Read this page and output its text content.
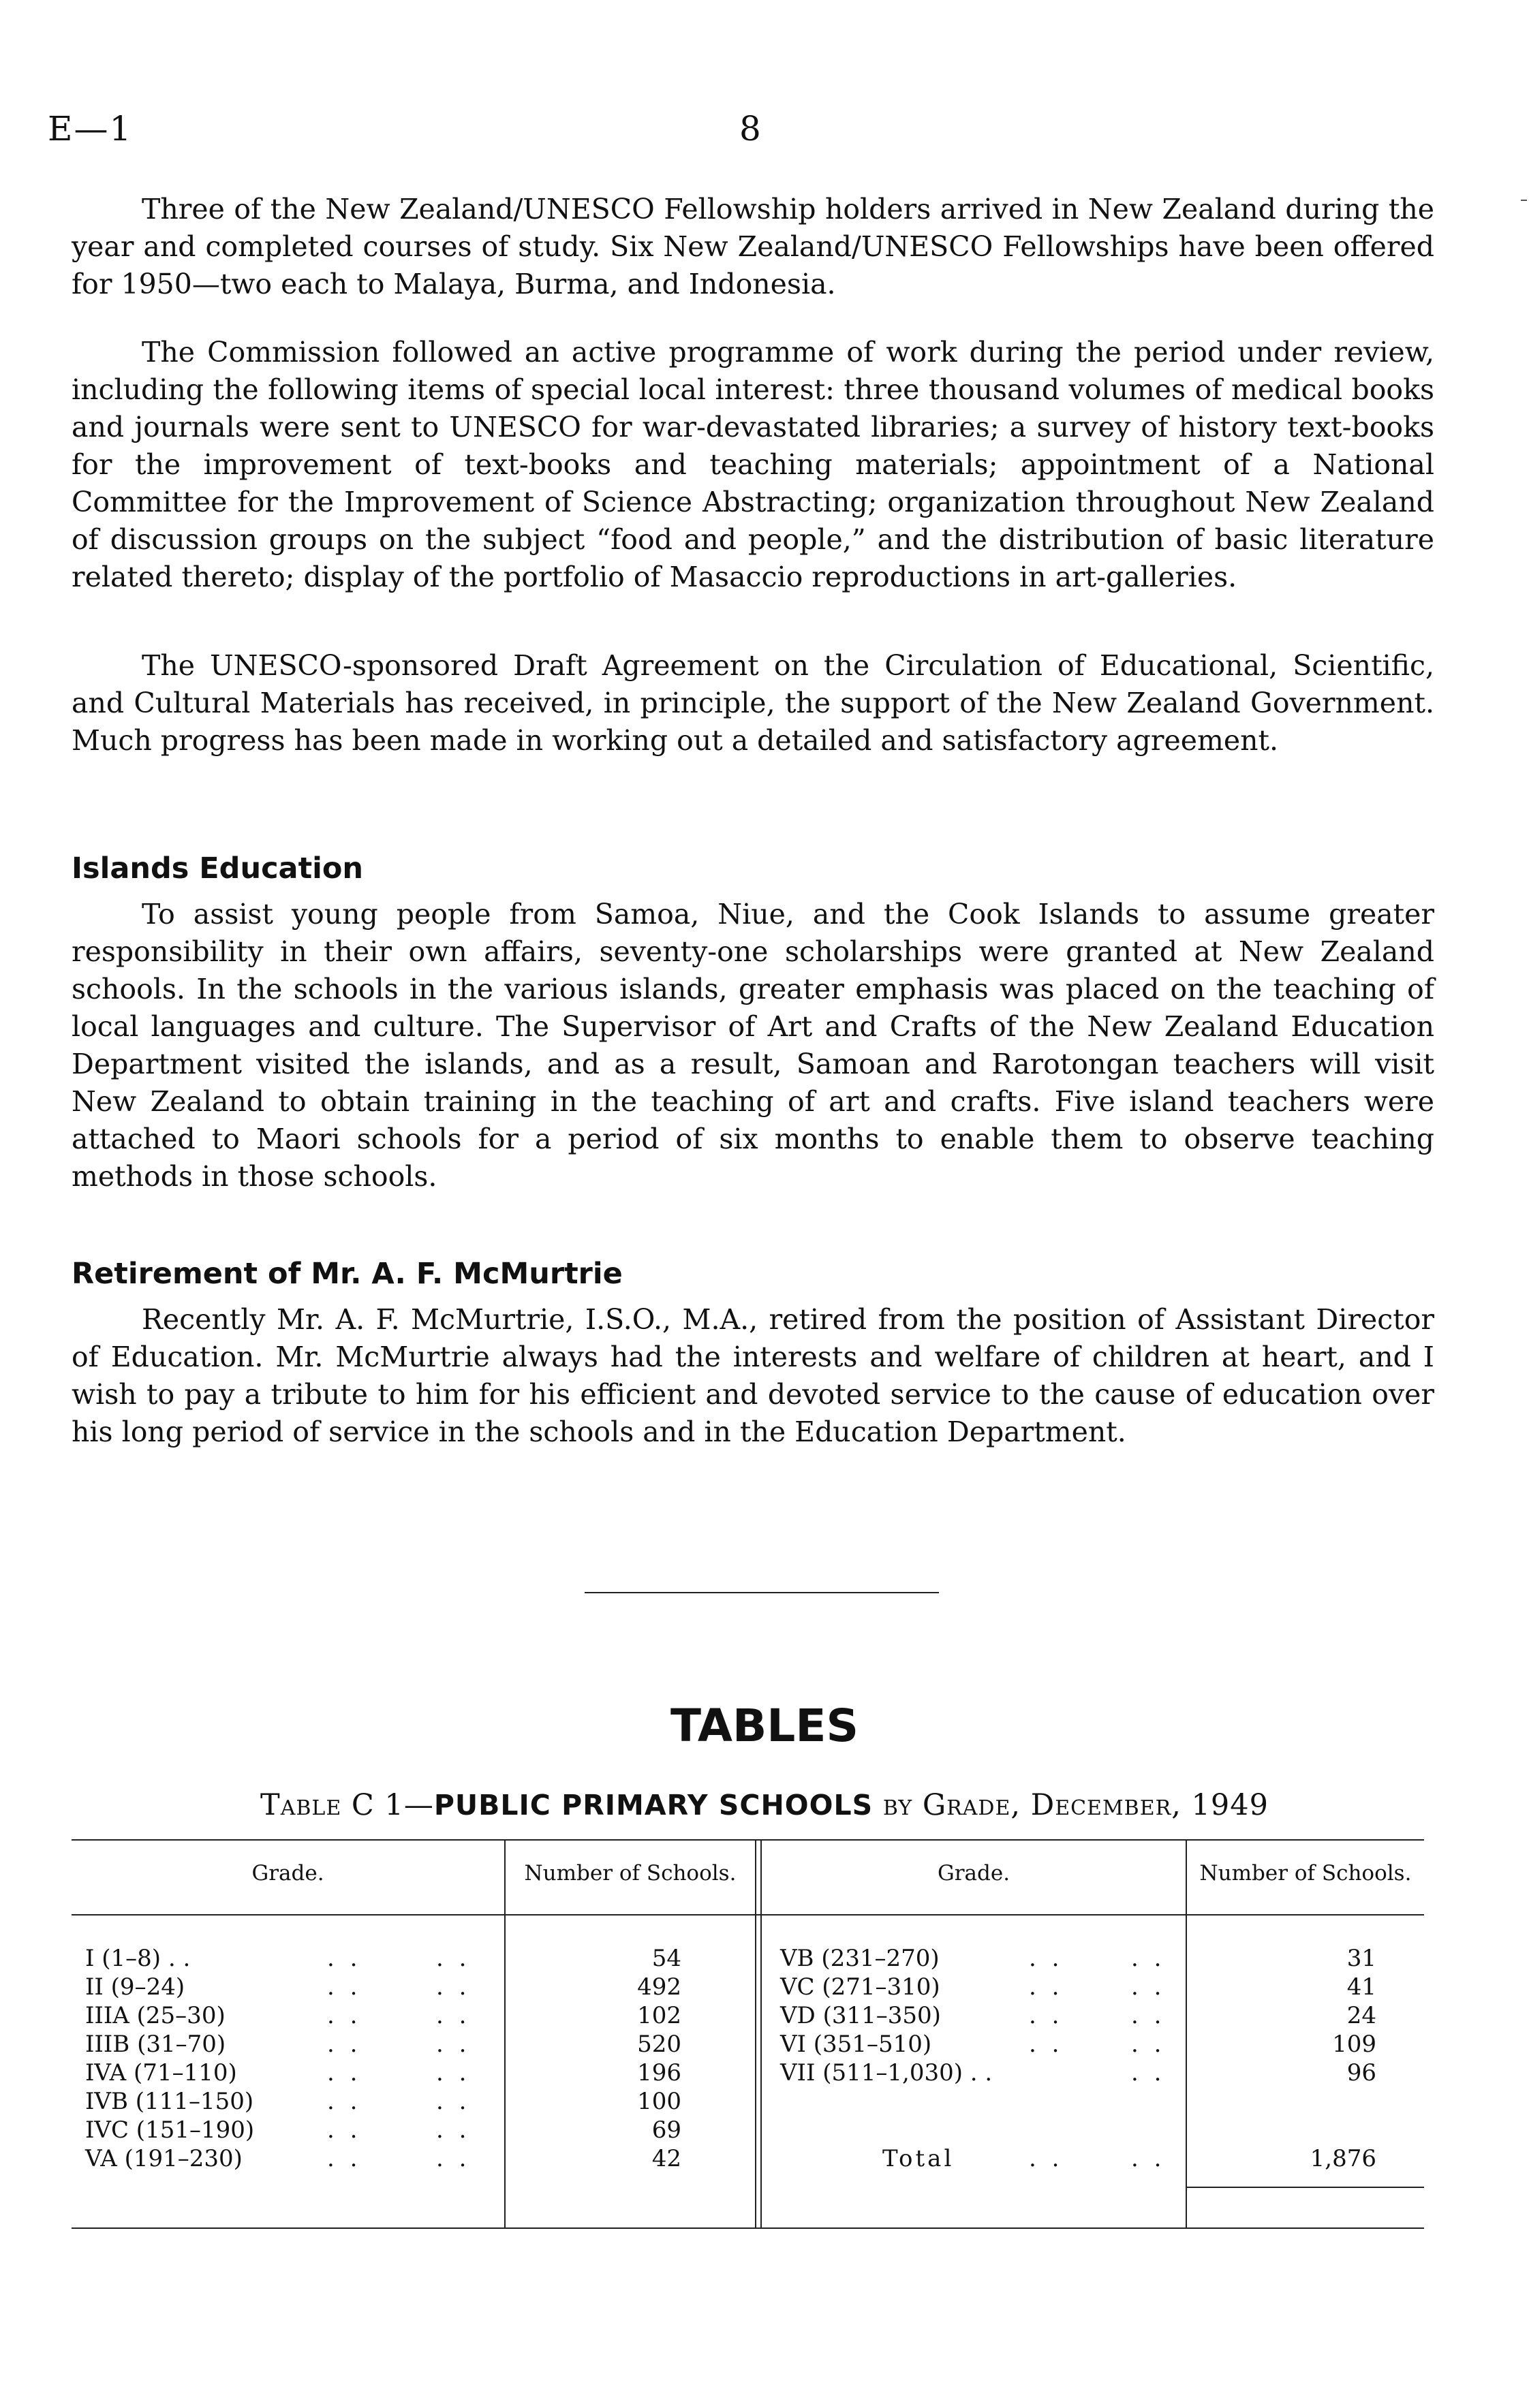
E—1	8

Three of the New Zealand/UNESCO Fellowship holders arrived in New Zealand during the year and completed courses of study. Six New Zealand/UNESCO Fellowships have been offered for 1950—two each to Malaya, Burma, and Indonesia.

The Commission followed an active programme of work during the period under review, including the following items of special local interest: three thousand volumes of medical books and journals were sent to UNESCO for war-devastated libraries; a survey of history text-books for the improvement of text-books and teaching materials; appointment of a National Committee for the Improvement of Science Abstracting; organization throughout New Zealand of discussion groups on the subject “food and people,” and the distribution of basic literature related thereto; display of the portfolio of Masaccio reproductions in art-galleries.

The UNESCO-sponsored Draft Agreement on the Circulation of Educational, Scientific, and Cultural Materials has received, in principle, the support of the New Zealand Government. Much progress has been made in working out a detailed and satisfactory agreement.

Islands Education

To assist young people from Samoa, Niue, and the Cook Islands to assume greater responsibility in their own affairs, seventy-one scholarships were granted at New Zealand schools. In the schools in the various islands, greater emphasis was placed on the teaching of local languages and culture. The Supervisor of Art and Crafts of the New Zealand Education Department visited the islands, and as a result, Samoan and Rarotongan teachers will visit New Zealand to obtain training in the teaching of art and crafts. Five island teachers were attached to Maori schools for a period of six months to enable them to observe teaching methods in those schools.

Retirement of Mr. A. F. McMurtrie

Recently Mr. A. F. McMurtrie, I.S.O., M.A., retired from the position of Assistant Director of Education. Mr. McMurtrie always had the interests and welfare of children at heart, and I wish to pay a tribute to him for his efficient and devoted service to the cause of education over his long period of service in the schools and in the Education Department.

TABLES
Table C 1—PUBLIC PRIMARY SCHOOLS by Grade, December, 1949
Grade.	Number of Schools.	Grade.	Number of Schools.
I (1–8) . .	. .	. .	54
II (9–24)	. .	. .	492
IIIA (25–30)	. .	. .	102
IIIB (31–70)	. .	. .	520
IVA (71–110)	. .	. .	196
IVB (111–150)	. .	. .	100
IVC (151–190)	. .	. .	69
VA (191–230)	. .	. .	42
VB (231–270)	. .	. .	31
VC (271–310)	. .	. .	41
VD (311–350)	. .	. .	24
VI (351–510)	. .	. .	109
VII (511–1,030) . .	. .	96
Total	. .	. .	1,876
